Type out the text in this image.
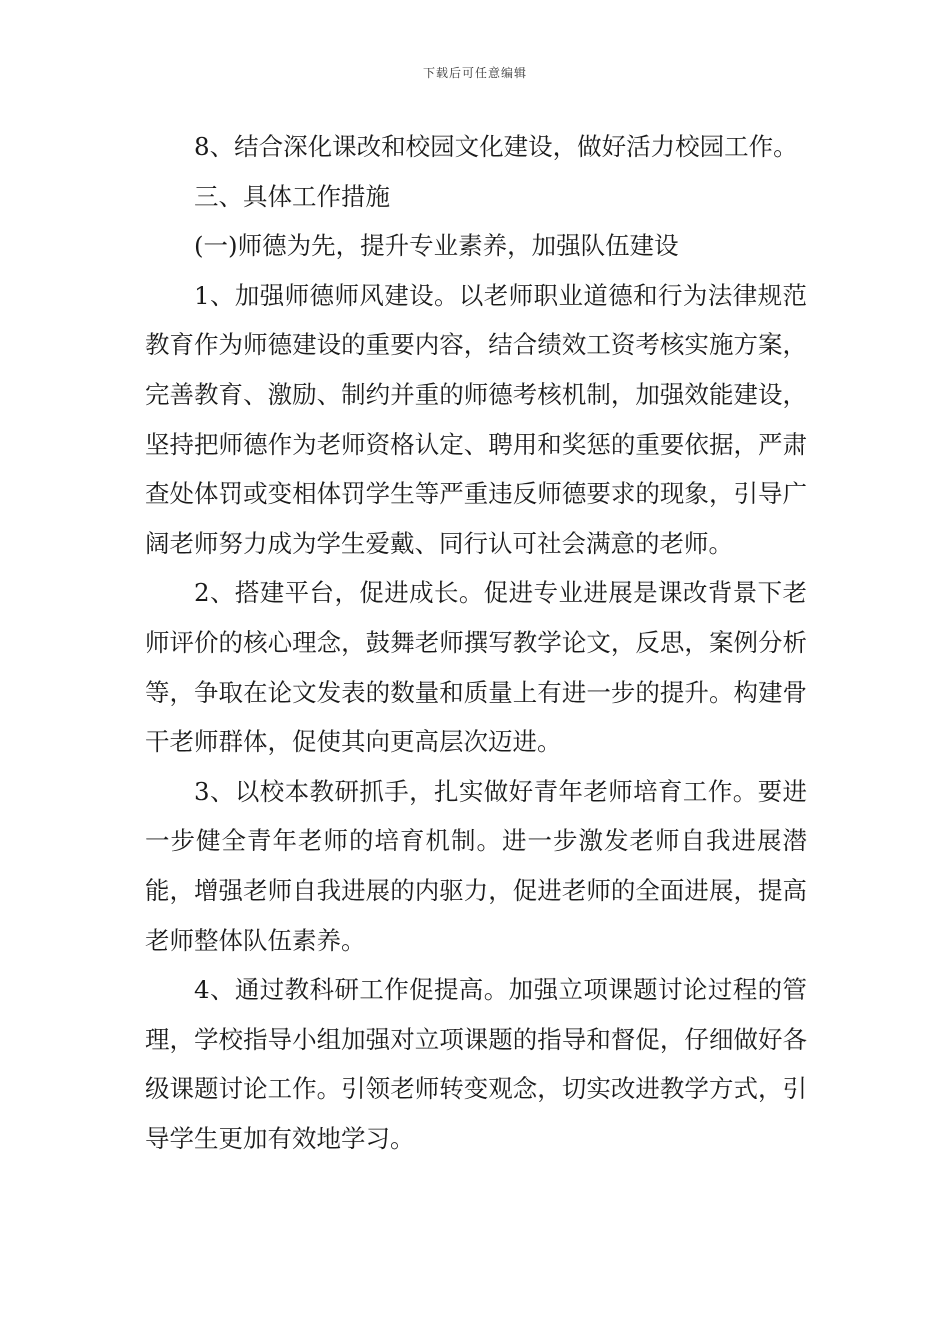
下载后可任意编辑

8、结合深化课改和校园文化建设，做好活力校园工作。

三、具体工作措施

(一)师德为先，提升专业素养，加强队伍建设

1、加强师德师风建设。以老师职业道德和行为法律规范教育作为师德建设的重要内容，结合绩效工资考核实施方案，完善教育、激励、制约并重的师德考核机制，加强效能建设，坚持把师德作为老师资格认定、聘用和奖惩的重要依据，严肃查处体罚或变相体罚学生等严重违反师德要求的现象，引导广阔老师努力成为学生爱戴、同行认可社会满意的老师。

2、搭建平台，促进成长。促进专业进展是课改背景下老师评价的核心理念，鼓舞老师撰写教学论文，反思，案例分析等，争取在论文发表的数量和质量上有进一步的提升。构建骨干老师群体，促使其向更高层次迈进。

3、以校本教研抓手，扎实做好青年老师培育工作。要进一步健全青年老师的培育机制。进一步激发老师自我进展潜能，增强老师自我进展的内驱力，促进老师的全面进展，提高老师整体队伍素养。

4、通过教科研工作促提高。加强立项课题讨论过程的管理，学校指导小组加强对立项课题的指导和督促，仔细做好各级课题讨论工作。引领老师转变观念，切实改进教学方式，引导学生更加有效地学习。
